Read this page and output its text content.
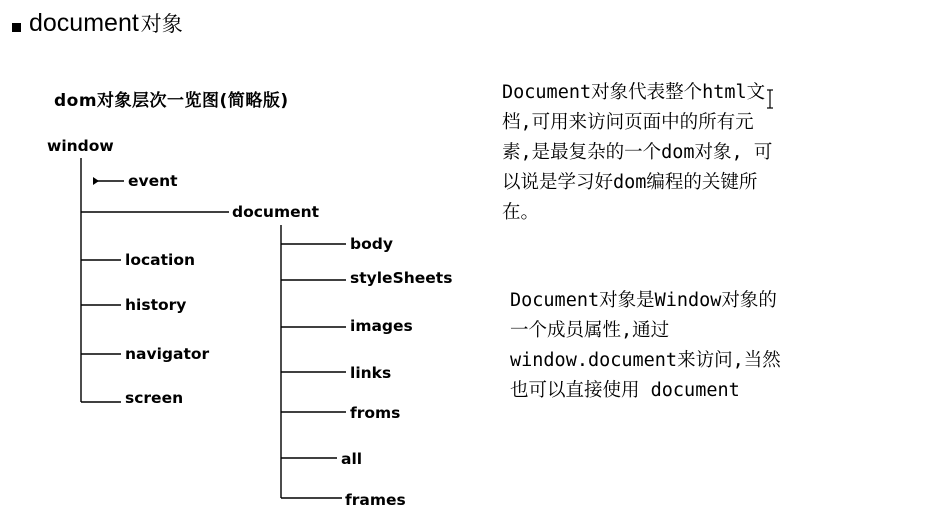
document 对象
dom对象层次一览图(简略版)
window
event
document
location
history
navigator
screen
body
styleSheets
images
links
froms
all
frames
Document对象代表整个html文
档,可用来访问页面中的所有元
素,是最复杂的一个dom对象, 可
以说是学习好dom编程的关键所
在。
Document对象是Window对象的
一个成员属性,通过
window.document来访问,当然
也可以直接使用 document
